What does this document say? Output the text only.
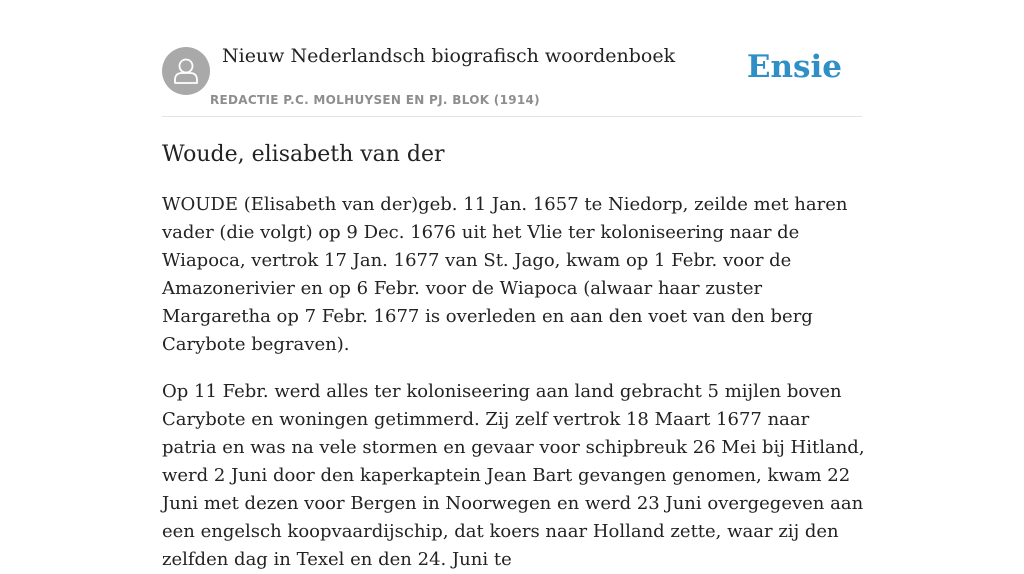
Nieuw Nederlandsch biografisch woordenboek
REDACTIE P.C. MOLHUYSEN EN PJ. BLOK (1914)
Ensie
Woude, elisabeth van der

WOUDE (Elisabeth van der)geb. 11 Jan. 1657 te Niedorp, zeilde met haren vader (die volgt) op 9 Dec. 1676 uit het Vlie ter koloniseering naar de Wiapoca, vertrok 17 Jan. 1677 van St. Jago, kwam op 1 Febr. voor de Amazonerivier en op 6 Febr. voor de Wiapoca (alwaar haar zuster Margaretha op 7 Febr. 1677 is overleden en aan den voet van den berg Carybote begraven).

Op 11 Febr. werd alles ter koloniseering aan land gebracht 5 mijlen boven Carybote en woningen getimmerd. Zij zelf vertrok 18 Maart 1677 naar patria en was na vele stormen en gevaar voor schipbreuk 26 Mei bij Hitland, werd 2 Juni door den kaperkaptein Jean Bart gevangen genomen, kwam 22 Juni met dezen voor Bergen in Noorwegen en werd 23 Juni overgegeven aan een engelsch koopvaardijschip, dat koers naar Holland zette, waar zij den zelfden dag in Texel en den 24. Juni te
